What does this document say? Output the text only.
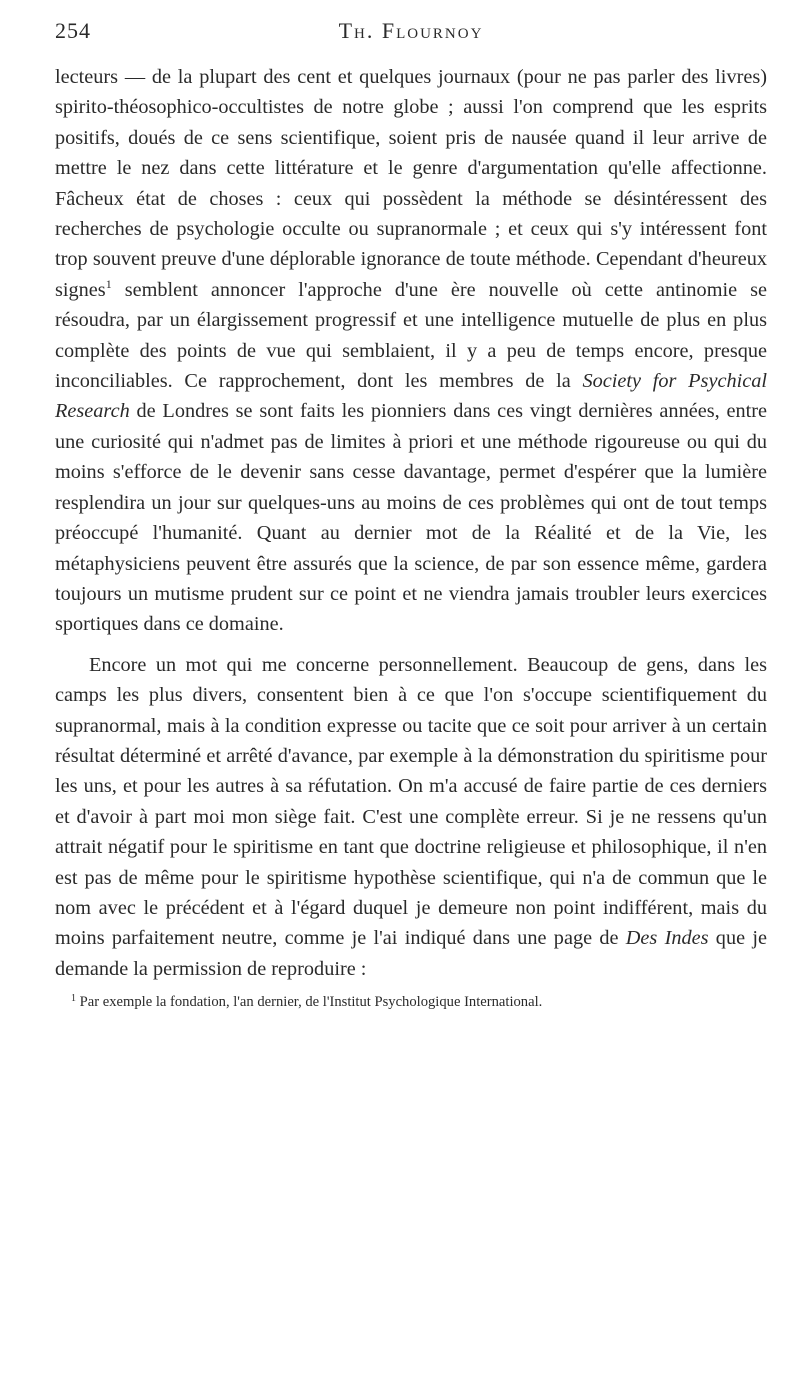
254	Th. Flournoy

lecteurs — de la plupart des cent et quelques journaux (pour ne pas parler des livres) spirito-théosophico-occultistes de notre globe ; aussi l'on comprend que les esprits positifs, doués de ce sens scientifique, soient pris de nausée quand il leur arrive de mettre le nez dans cette littérature et le genre d'argumentation qu'elle affectionne. Fâcheux état de choses : ceux qui possèdent la méthode se désintéressent des recherches de psychologie occulte ou supranormale ; et ceux qui s'y intéressent font trop souvent preuve d'une déplorable ignorance de toute méthode. Cependant d'heureux signes$^1$ semblent annoncer l'approche d'une ère nouvelle où cette antinomie se résoudra, par un élargissement progressif et une intelligence mutuelle de plus en plus complète des points de vue qui semblaient, il y a peu de temps encore, presque inconciliables. Ce rapprochement, dont les membres de la Society for Psychical Research de Londres se sont faits les pionniers dans ces vingt dernières années, entre une curiosité qui n'admet pas de limites à priori et une méthode rigoureuse ou qui du moins s'efforce de le devenir sans cesse davantage, permet d'espérer que la lumière resplendira un jour sur quelques-uns au moins de ces problèmes qui ont de tout temps préoccupé l'humanité. Quant au dernier mot de la Réalité et de la Vie, les métaphysiciens peuvent être assurés que la science, de par son essence même, gardera toujours un mutisme prudent sur ce point et ne viendra jamais troubler leurs exercices sportiques dans ce domaine.

Encore un mot qui me concerne personnellement. Beaucoup de gens, dans les camps les plus divers, consentent bien à ce que l'on s'occupe scientifiquement du supranormal, mais à la condition expresse ou tacite que ce soit pour arriver à un certain résultat déterminé et arrêté d'avance, par exemple à la démonstration du spiritisme pour les uns, et pour les autres à sa réfutation. On m'a accusé de faire partie de ces derniers et d'avoir à part moi mon siège fait. C'est une complète erreur. Si je ne ressens qu'un attrait négatif pour le spiritisme en tant que doctrine religieuse et philosophique, il n'en est pas de même pour le spiritisme hypothèse scientifique, qui n'a de commun que le nom avec le précédent et à l'égard duquel je demeure non point indifférent, mais du moins parfaitement neutre, comme je l'ai indiqué dans une page de Des Indes que je demande la permission de reproduire :

$^1$ Par exemple la fondation, l'an dernier, de l'Institut Psychologique International.
